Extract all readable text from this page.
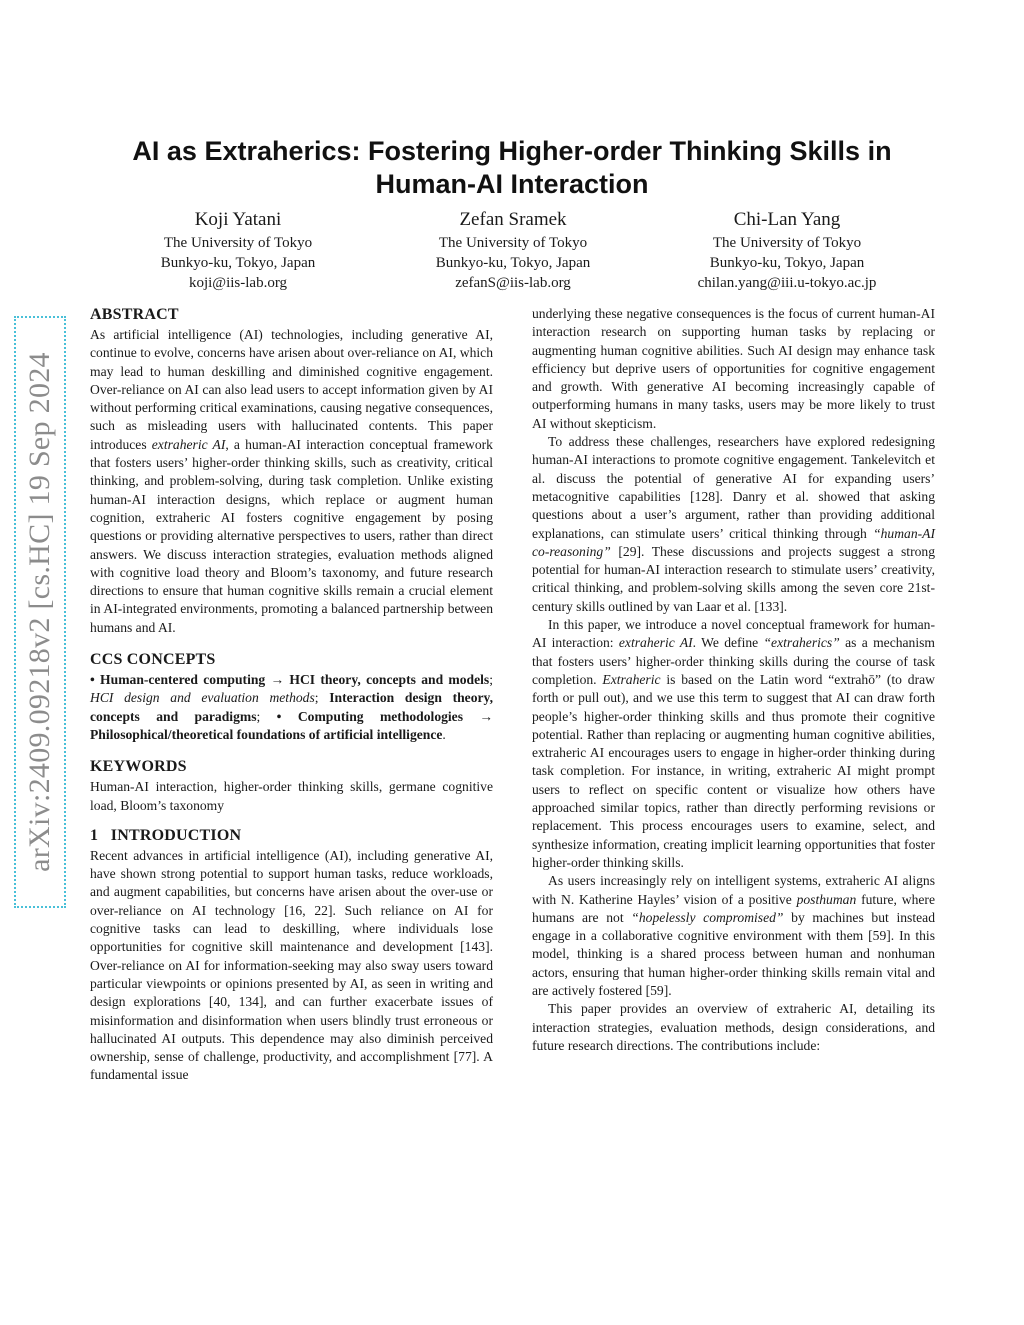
arXiv:2409.09218v2 [cs.HC] 19 Sep 2024
AI as Extraherics: Fostering Higher-order Thinking Skills in Human-AI Interaction
Koji Yatani
The University of Tokyo
Bunkyo-ku, Tokyo, Japan
koji@iis-lab.org
Zefan Sramek
The University of Tokyo
Bunkyo-ku, Tokyo, Japan
zefanS@iis-lab.org
Chi-Lan Yang
The University of Tokyo
Bunkyo-ku, Tokyo, Japan
chilan.yang@iii.u-tokyo.ac.jp
ABSTRACT

As artificial intelligence (AI) technologies, including generative AI, continue to evolve, concerns have arisen about over-reliance on AI, which may lead to human deskilling and diminished cognitive engagement. Over-reliance on AI can also lead users to accept information given by AI without performing critical examinations, causing negative consequences, such as misleading users with hallucinated contents. This paper introduces extraheric AI, a human-AI interaction conceptual framework that fosters users’ higher-order thinking skills, such as creativity, critical thinking, and problem-solving, during task completion. Unlike existing human-AI interaction designs, which replace or augment human cognition, extraheric AI fosters cognitive engagement by posing questions or providing alternative perspectives to users, rather than direct answers. We discuss interaction strategies, evaluation methods aligned with cognitive load theory and Bloom’s taxonomy, and future research directions to ensure that human cognitive skills remain a crucial element in AI-integrated environments, promoting a balanced partnership between humans and AI.

CCS CONCEPTS

• Human-centered computing → HCI theory, concepts and models; HCI design and evaluation methods; Interaction design theory, concepts and paradigms; • Computing methodologies → Philosophical/theoretical foundations of artificial intelligence.

KEYWORDS

Human-AI interaction, higher-order thinking skills, germane cognitive load, Bloom’s taxonomy

1   INTRODUCTION

Recent advances in artificial intelligence (AI), including generative AI, have shown strong potential to support human tasks, reduce workloads, and augment capabilities, but concerns have arisen about the over-use or over-reliance on AI technology [16, 22]. Such reliance on AI for cognitive tasks can lead to deskilling, where individuals lose opportunities for cognitive skill maintenance and development [143]. Over-reliance on AI for information-seeking may also sway users toward particular viewpoints or opinions presented by AI, as seen in writing and design explorations [40, 134], and can further exacerbate issues of misinformation and disinformation when users blindly trust erroneous or hallucinated AI outputs. This dependence may also diminish perceived ownership, sense of challenge, productivity, and accomplishment [77]. A fundamental issue

underlying these negative consequences is the focus of current human-AI interaction research on supporting human tasks by replacing or augmenting human cognitive abilities. Such AI design may enhance task efficiency but deprive users of opportunities for cognitive engagement and growth. With generative AI becoming increasingly capable of outperforming humans in many tasks, users may be more likely to trust AI without skepticism.

To address these challenges, researchers have explored redesigning human-AI interactions to promote cognitive engagement. Tankelevitch et al. discuss the potential of generative AI for expanding users’ metacognitive capabilities [128]. Danry et al. showed that asking questions about a user’s argument, rather than providing additional explanations, can stimulate users’ critical thinking through “human-AI co-reasoning” [29]. These discussions and projects suggest a strong potential for human-AI interaction research to stimulate users’ creativity, critical thinking, and problem-solving skills among the seven core 21st-century skills outlined by van Laar et al. [133].

In this paper, we introduce a novel conceptual framework for human-AI interaction: extraheric AI. We define “extraherics” as a mechanism that fosters users’ higher-order thinking skills during the course of task completion. Extraheric is based on the Latin word “extrahō” (to draw forth or pull out), and we use this term to suggest that AI can draw forth people’s higher-order thinking skills and thus promote their cognitive potential. Rather than replacing or augmenting human cognitive abilities, extraheric AI encourages users to engage in higher-order thinking during task completion. For instance, in writing, extraheric AI might prompt users to reflect on specific content or visualize how others have approached similar topics, rather than directly performing revisions or replacement. This process encourages users to examine, select, and synthesize information, creating implicit learning opportunities that foster higher-order thinking skills.

As users increasingly rely on intelligent systems, extraheric AI aligns with N. Katherine Hayles’ vision of a positive posthuman future, where humans are not “hopelessly compromised” by machines but instead engage in a collaborative cognitive environment with them [59]. In this model, thinking is a shared process between human and nonhuman actors, ensuring that human higher-order thinking skills remain vital and are actively fostered [59].

This paper provides an overview of extraheric AI, detailing its interaction strategies, evaluation methods, design considerations, and future research directions. The contributions include:
